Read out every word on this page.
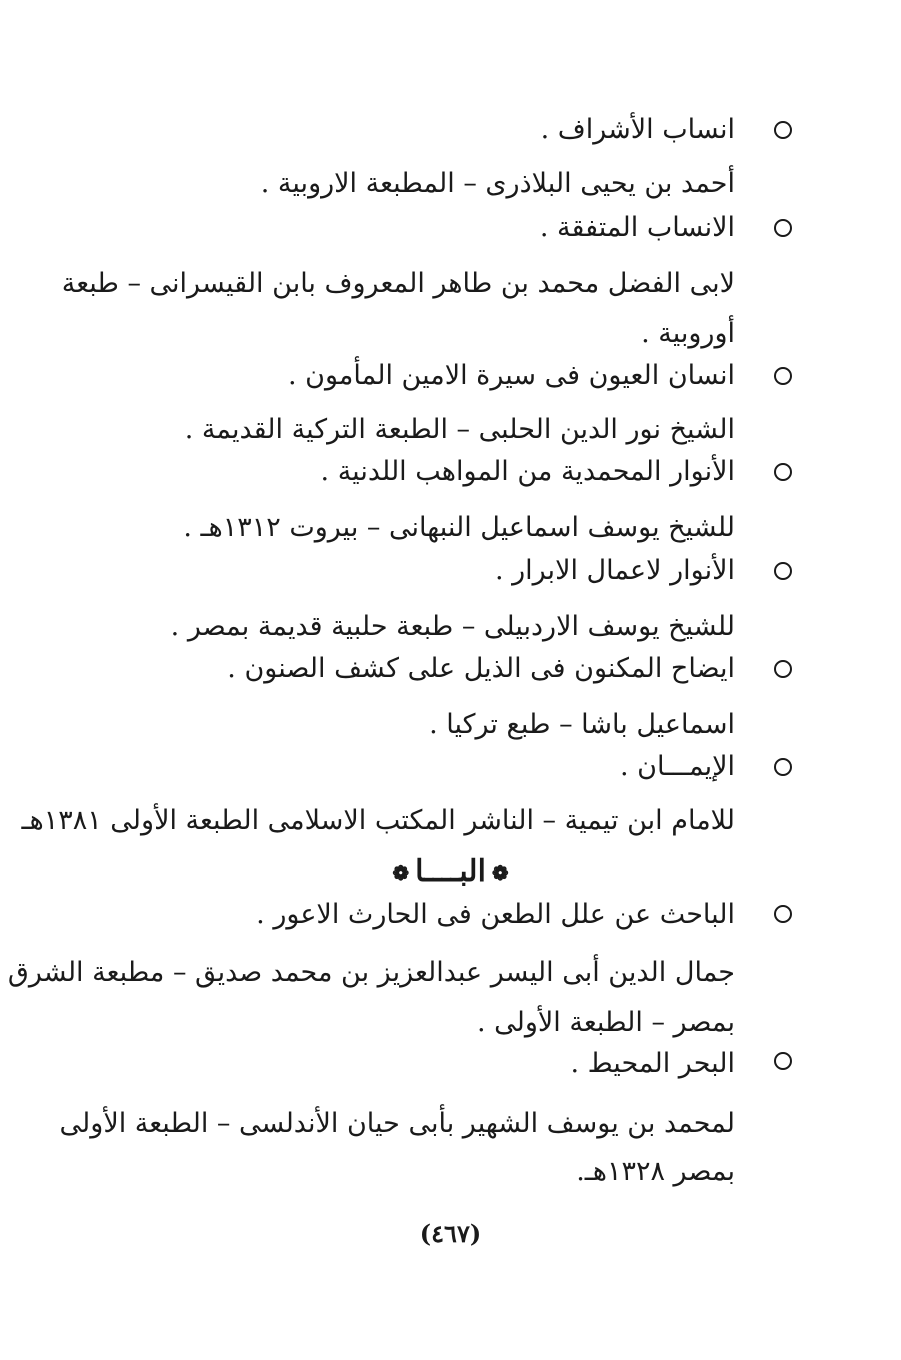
انساب الأشراف .
أحمد بن يحيى البلاذرى – المطبعة الاروبية .
الانساب المتفقة .
لابى الفضل محمد بن طاهر المعروف بابن القيسرانى – طبعة
أوروبية .
انسان العيون فى سيرة الامين المأمون .
الشيخ نور الدين الحلبى – الطبعة التركية القديمة .
الأنوار المحمدية من المواهب اللدنية .
للشيخ يوسف اسماعيل النبهانى – بيروت ١٣١٢هـ .
الأنوار لاعمال الابرار .
للشيخ يوسف الاردبيلى – طبعة حلبية قديمة بمصر .
ايضاح المكنون فى الذيل على كشف الصنون .
اسماعيل باشا – طبع تركيا .
الإيمـــان .
للامام ابن تيمية – الناشر المكتب الاسلامى الطبعة الأولى ١٣٨١هـ
❁البــــا❁
الباحث عن علل الطعن فى الحارث الاعور .
جمال الدين أبى اليسر عبدالعزيز بن محمد صديق – مطبعة الشرق
بمصر – الطبعة الأولى .
البحر المحيط .
لمحمد بن يوسف الشهير بأبى حيان الأندلسى – الطبعة الأولى
بمصر ١٣٢٨هـ.
(٤٦٧)
